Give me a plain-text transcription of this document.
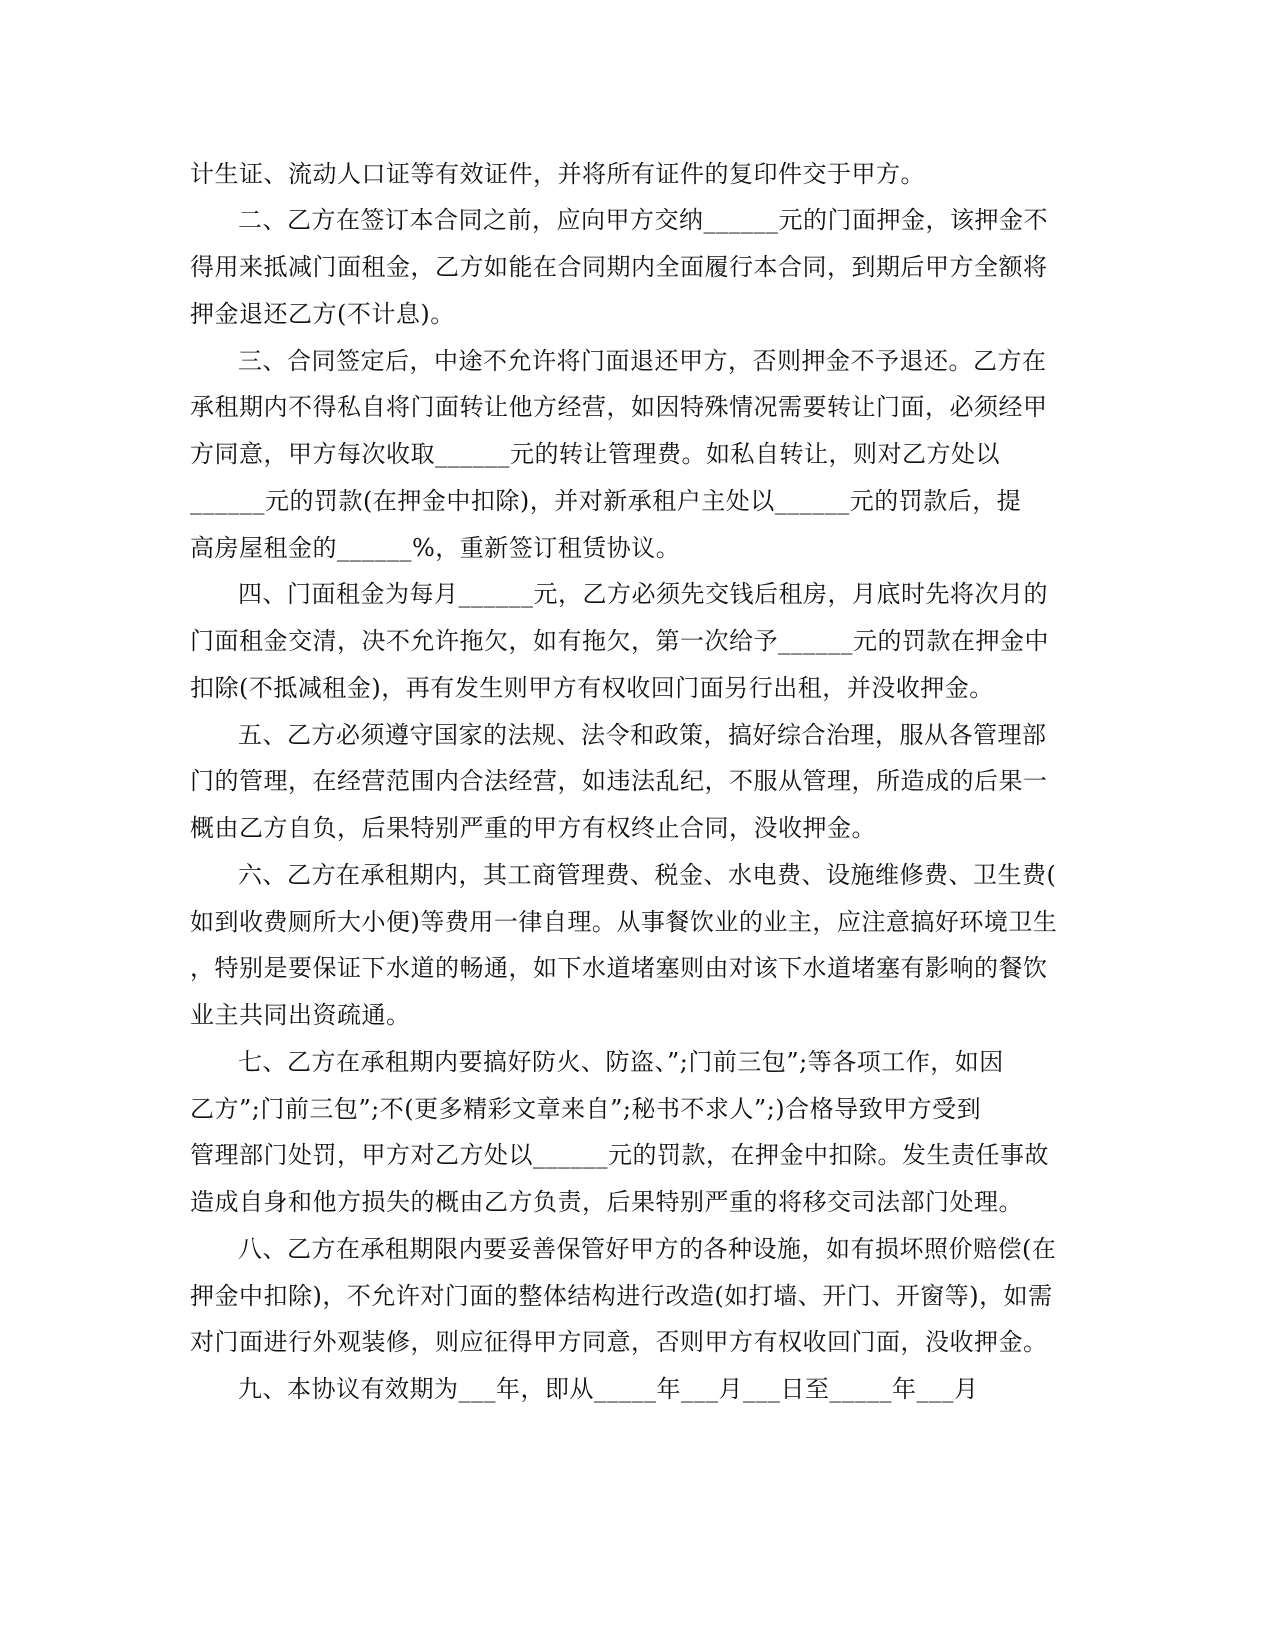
计生证、流动人口证等有效证件，并将所有证件的复印件交于甲方。
二、乙方在签订本合同之前，应向甲方交纳______元的门面押金，该押金不
得用来抵减门面租金，乙方如能在合同期内全面履行本合同，到期后甲方全额将
押金退还乙方(不计息)。
三、合同签定后，中途不允许将门面退还甲方，否则押金不予退还。乙方在
承租期内不得私自将门面转让他方经营，如因特殊情况需要转让门面，必须经甲
方同意，甲方每次收取______元的转让管理费。如私自转让，则对乙方处以
______元的罚款(在押金中扣除)，并对新承租户主处以______元的罚款后，提
高房屋租金的______%，重新签订租赁协议。
四、门面租金为每月______元，乙方必须先交钱后租房，月底时先将次月的
门面租金交清，决不允许拖欠，如有拖欠，第一次给予______元的罚款在押金中
扣除(不抵减租金)，再有发生则甲方有权收回门面另行出租，并没收押金。
五、乙方必须遵守国家的法规、法令和政策，搞好综合治理，服从各管理部
门的管理，在经营范围内合法经营，如违法乱纪，不服从管理，所造成的后果一
概由乙方自负，后果特别严重的甲方有权终止合同，没收押金。
六、乙方在承租期内，其工商管理费、税金、水电费、设施维修费、卫生费(
如到收费厕所大小便)等费用一律自理。从事餐饮业的业主，应注意搞好环境卫生
，特别是要保证下水道的畅通，如下水道堵塞则由对该下水道堵塞有影响的餐饮
业主共同出资疏通。
七、乙方在承租期内要搞好防火、防盗、”;门前三包”;等各项工作，如因
乙方”;门前三包”;不(更多精彩文章来自”;秘书不求人”;)合格导致甲方受到
管理部门处罚，甲方对乙方处以______元的罚款，在押金中扣除。发生责任事故
造成自身和他方损失的概由乙方负责，后果特别严重的将移交司法部门处理。
八、乙方在承租期限内要妥善保管好甲方的各种设施，如有损坏照价赔偿(在
押金中扣除)，不允许对门面的整体结构进行改造(如打墙、开门、开窗等)，如需
对门面进行外观装修，则应征得甲方同意，否则甲方有权收回门面，没收押金。
九、本协议有效期为___年，即从_____年___月___日至_____年___月
